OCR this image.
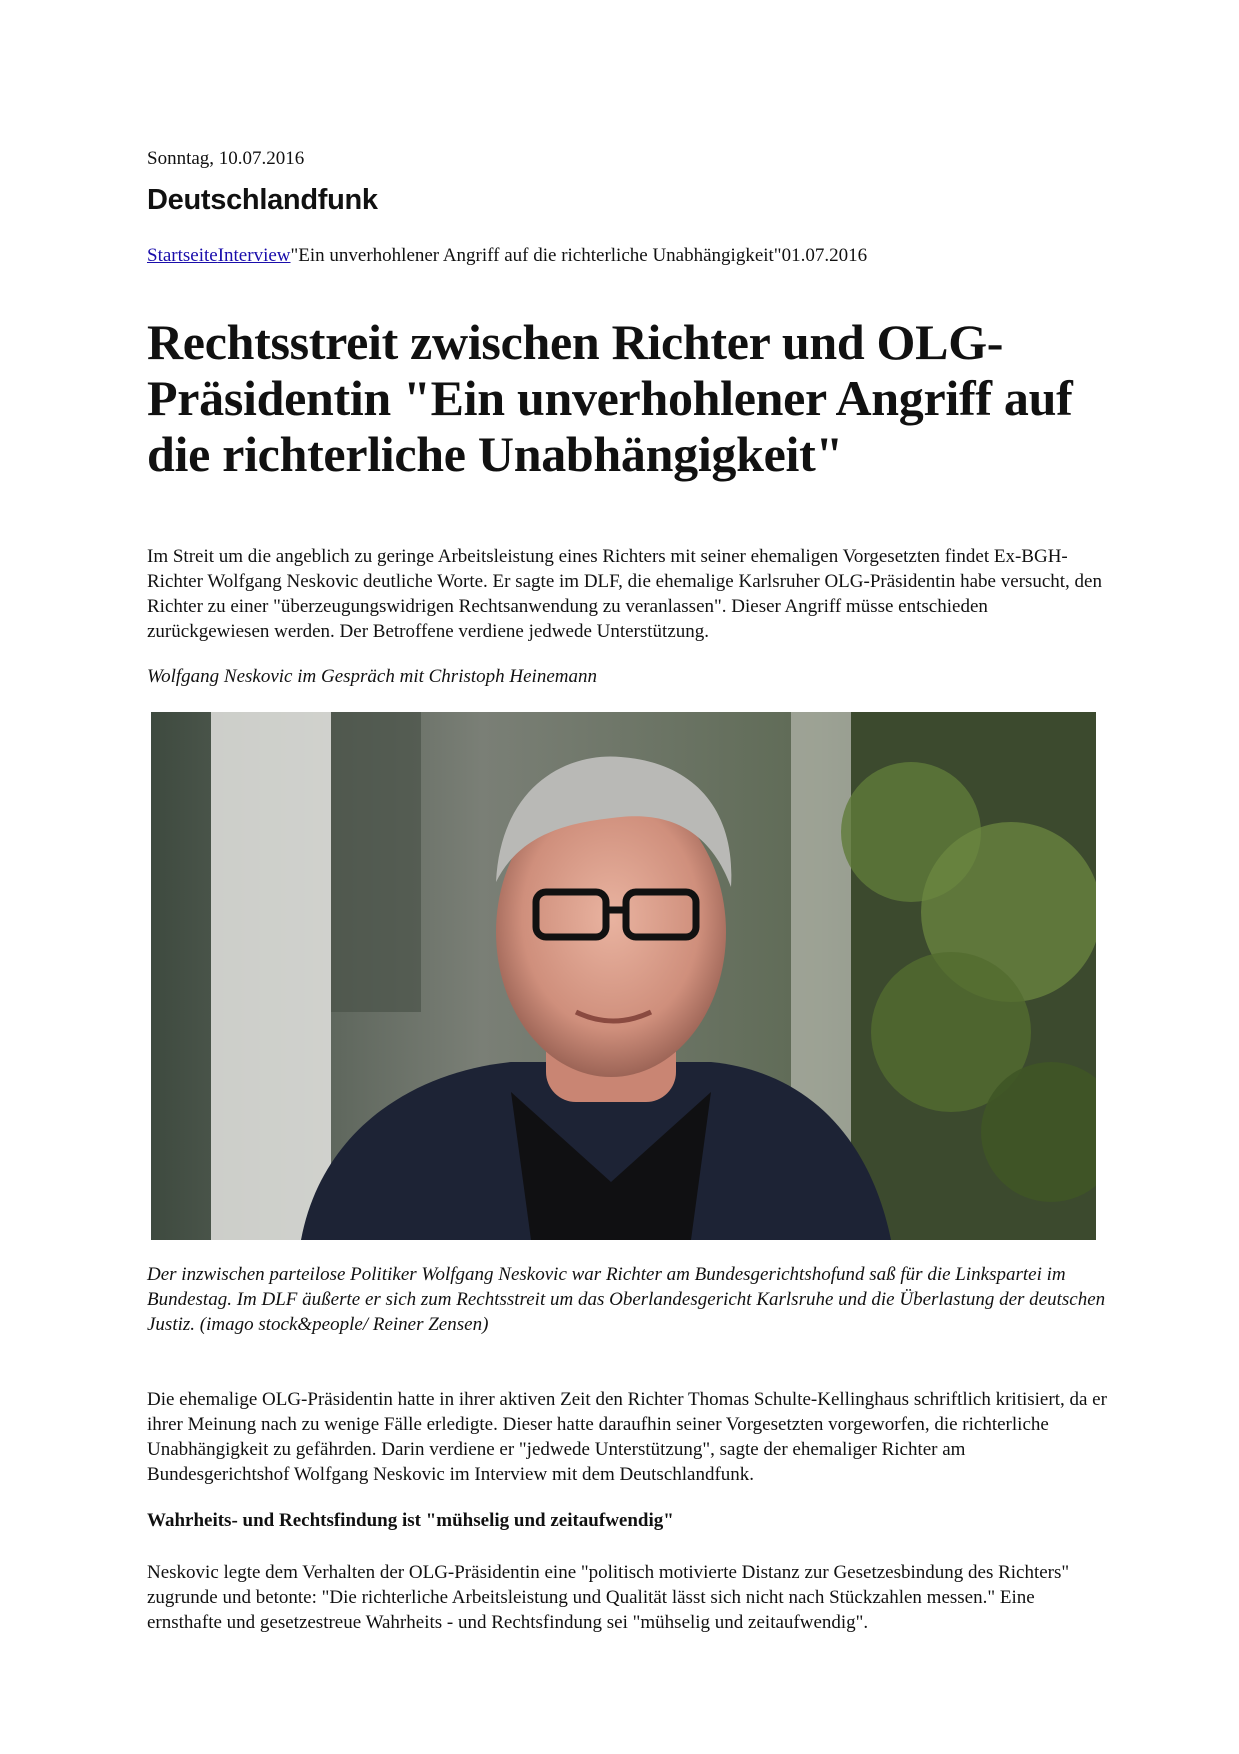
Sonntag, 10.07.2016
Deutschlandfunk
StartseiteInterview"Ein unverhohlener Angriff auf die richterliche Unabhängigkeit"01.07.2016
Rechtsstreit zwischen Richter und OLG-Präsidentin "Ein unverhohlener Angriff auf die richterliche Unabhängigkeit"

Im Streit um die angeblich zu geringe Arbeitsleistung eines Richters mit seiner ehemaligen Vorgesetzten findet Ex-BGH-Richter Wolfgang Neskovic deutliche Worte. Er sagte im DLF, die ehemalige Karlsruher OLG-Präsidentin habe versucht, den Richter zu einer "überzeugungswidrigen Rechtsanwendung zu veranlassen". Dieser Angriff müsse entschieden zurückgewiesen werden. Der Betroffene verdiene jedwede Unterstützung.

Wolfgang Neskovic im Gespräch mit Christoph Heinemann

Der inzwischen parteilose Politiker Wolfgang Neskovic war Richter am Bundesgerichtshofund saß für die Linkspartei im Bundestag. Im DLF äußerte er sich zum Rechtsstreit um das Oberlandesgericht Karlsruhe und die Überlastung der deutschen Justiz. (imago stock&people/ Reiner Zensen)

Die ehemalige OLG-Präsidentin hatte in ihrer aktiven Zeit den Richter Thomas Schulte-Kellinghaus schriftlich kritisiert, da er ihrer Meinung nach zu wenige Fälle erledigte. Dieser hatte daraufhin seiner Vorgesetzten vorgeworfen, die richterliche Unabhängigkeit zu gefährden. Darin verdiene er "jedwede Unterstützung", sagte der ehemaliger Richter am Bundesgerichtshof Wolfgang Neskovic im Interview mit dem Deutschlandfunk.

Wahrheits- und Rechtsfindung ist "mühselig und zeitaufwendig"

Neskovic legte dem Verhalten der OLG-Präsidentin eine "politisch motivierte Distanz zur Gesetzesbindung des Richters" zugrunde und betonte: "Die richterliche Arbeitsleistung und Qualität lässt sich nicht nach Stückzahlen messen." Eine ernsthafte und gesetzestreue Wahrheits - und Rechtsfindung sei "mühselig und zeitaufwendig".
